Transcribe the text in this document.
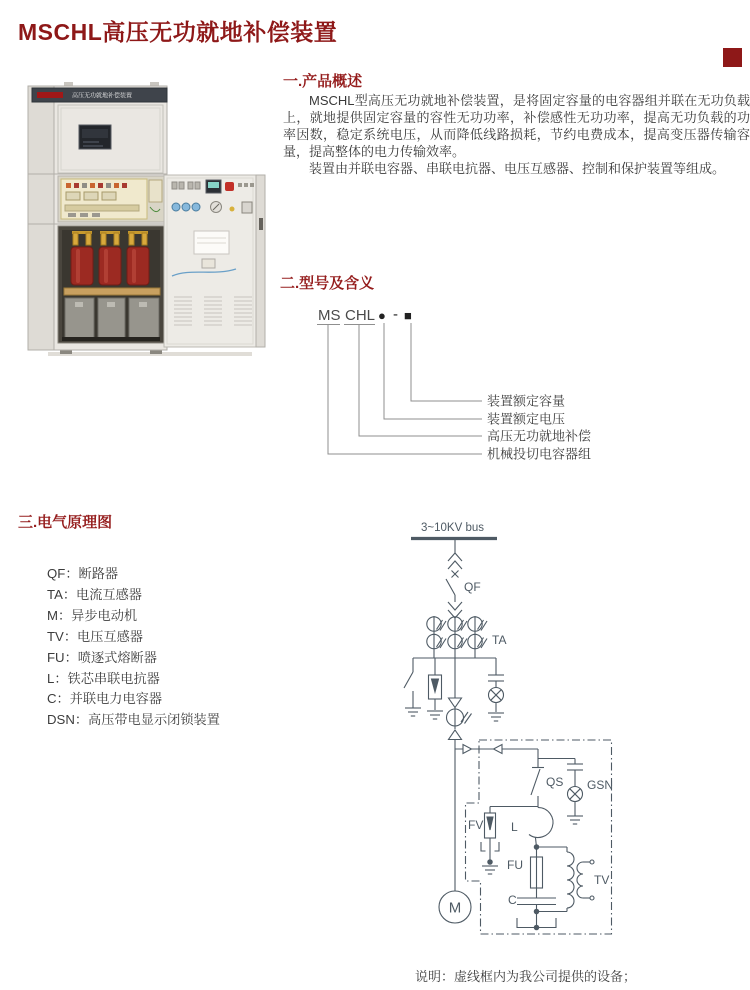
MSCHL高压无功就地补偿装置
高压无功就地补偿装置
一.产品概述

MSCHL型高压无功就地补偿装置，是将固定容量的电容器组并联在无功负载上，就地提供固定容量的容性无功功率，补偿感性无功功率，提高无功负载的功率因数，稳定系统电压，从而降低线路损耗，节约电费成本，提高变压器传输容量，提高整体的电力传输效率。

装置由并联电容器、串联电抗器、电压互感器、控制和保护装置等组成。

二.型号及含义
MS CHL ● - ■
装置额定容量
装置额定电压
高压无功就地补偿
机械投切电容器组
三.电气原理图
QF：断路器
TA：电流互感器
M：异步电动机
TV：电压互感器
FU：喷逐式熔断器
L：铁芯串联电抗器
C：并联电力电容器
DSN：高压带电显示闭锁装置
3~10KV bus
QF
TA
QS GSN
FV L
FU
C
TV
M
说明：虚线框内为我公司提供的设备；
